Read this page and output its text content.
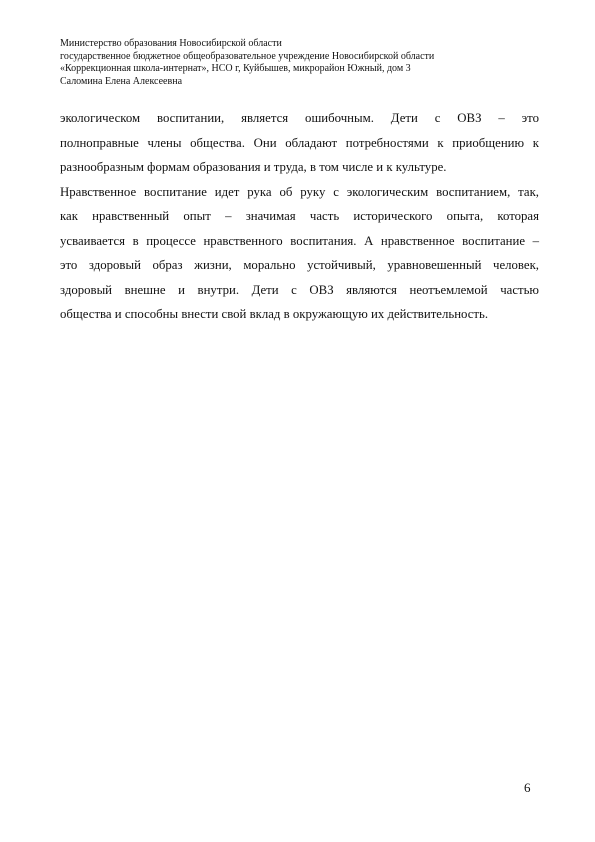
Министерство образования Новосибирской области
государственное бюджетное общеобразовательное учреждение Новосибирской области
«Коррекционная школа-интернат», НСО г, Куйбышев, микрорайон Южный, дом 3
Саломина Елена Алексеевна
экологическом воспитании, является ошибочным. Дети с ОВЗ – это
полноправные члены общества. Они обладают потребностями к приобщению к
разнообразным формам образования и труда, в том числе и к культуре.
Нравственное воспитание идет рука об руку с экологическим воспитанием, так,
как нравственный опыт – значимая часть исторического опыта, которая
усваивается в процессе нравственного воспитания. А нравственное воспитание –
это здоровый образ жизни, морально устойчивый, уравновешенный человек,
здоровый внешне и внутри. Дети с ОВЗ являются неотъемлемой частью
общества и способны внести свой вклад в окружающую их действительность.
6
